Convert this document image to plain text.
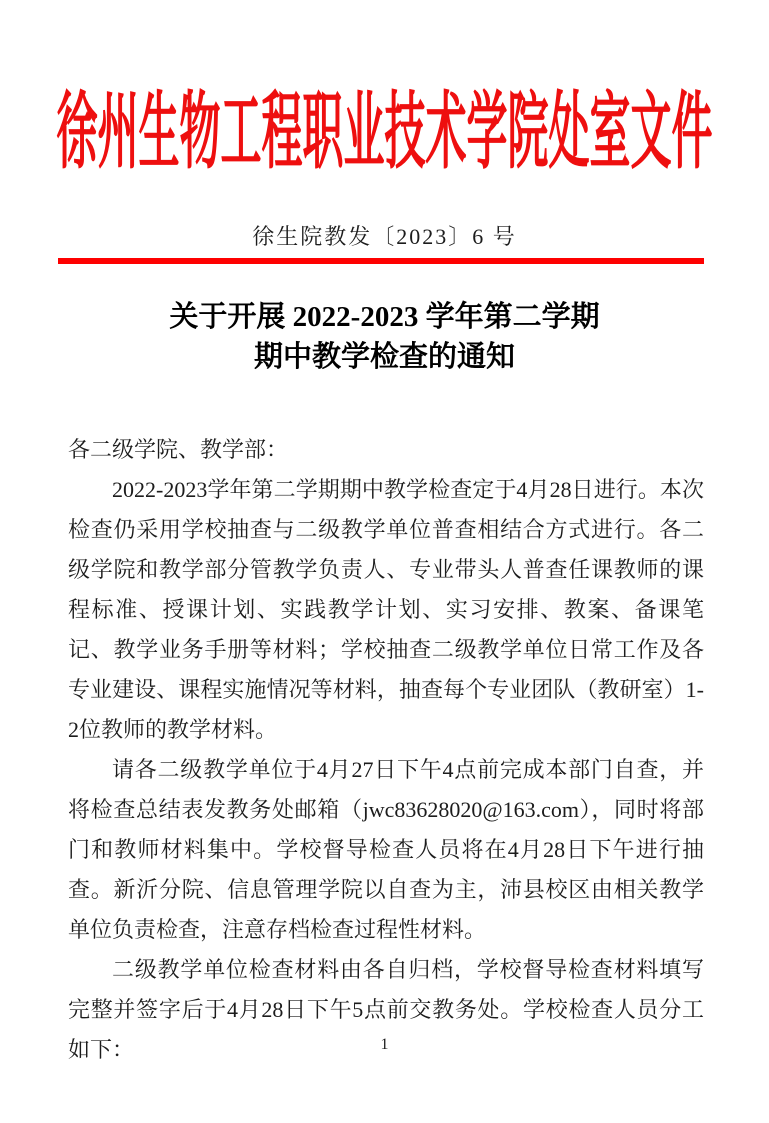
徐州生物工程职业技术学院处室文件
徐生院教发〔2023〕6 号
关于开展 2022-2023 学年第二学期
期中教学检查的通知

各二级学院、教学部：

2022-2023学年第二学期期中教学检查定于4月28日进行。本次检查仍采用学校抽查与二级教学单位普查相结合方式进行。各二级学院和教学部分管教学负责人、专业带头人普查任课教师的课程标准、授课计划、实践教学计划、实习安排、教案、备课笔记、教学业务手册等材料；学校抽查二级教学单位日常工作及各专业建设、课程实施情况等材料，抽查每个专业团队（教研室）1-2位教师的教学材料。

请各二级教学单位于4月27日下午4点前完成本部门自查，并将检查总结表发教务处邮箱（jwc83628020@163.com），同时将部门和教师材料集中。学校督导检查人员将在4月28日下午进行抽查。新沂分院、信息管理学院以自查为主，沛县校区由相关教学单位负责检查，注意存档检查过程性材料。

二级教学单位检查材料由各自归档，学校督导检查材料填写完整并签字后于4月28日下午5点前交教务处。学校检查人员分工如下：	1
